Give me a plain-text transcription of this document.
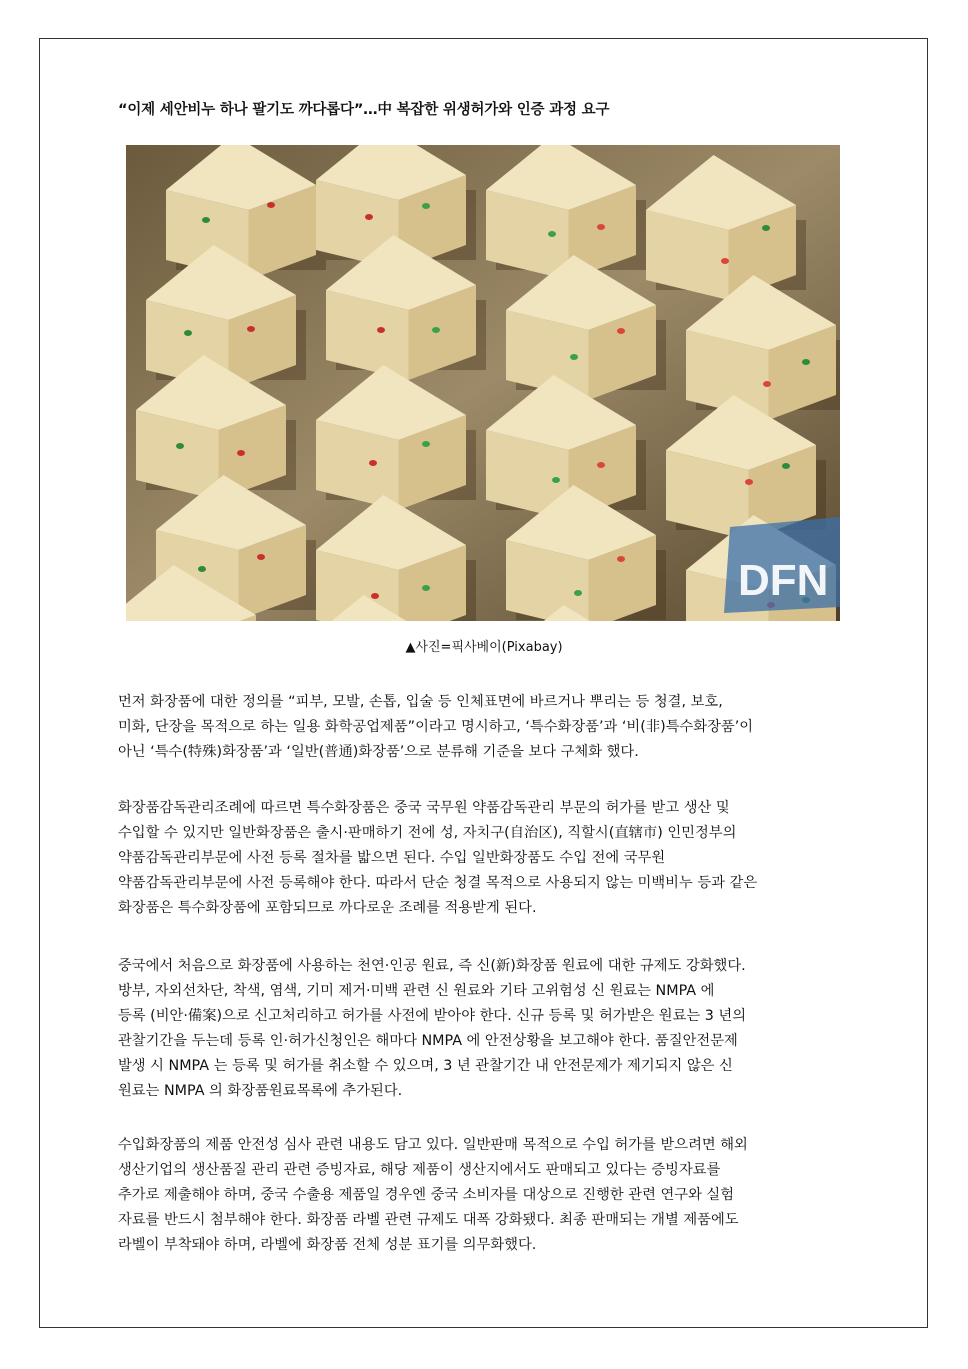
“이제 세안비누 하나 팔기도 까다롭다”…中 복잡한 위생허가와 인증 과정 요구
DFN
▲사진=픽사베이(Pixabay)
먼저 화장품에 대한 정의를 “피부, 모발, 손톱, 입술 등 인체표면에 바르거나 뿌리는 등 청결, 보호,
미화, 단장을 목적으로 하는 일용 화학공업제품”이라고 명시하고, ‘특수화장품’과 ‘비(非)특수화장품’이
아닌 ‘특수(特殊)화장품’과 ‘일반(普通)화장품’으로 분류해 기준을 보다 구체화 했다.
화장품감독관리조례에 따르면 특수화장품은 중국 국무원 약품감독관리 부문의 허가를 받고 생산 및
수입할 수 있지만 일반화장품은 출시·판매하기 전에 성, 자치구(自治区), 직할시(直辖市) 인민정부의
약품감독관리부문에 사전 등록 절차를 밟으면 된다. 수입 일반화장품도 수입 전에 국무원
약품감독관리부문에 사전 등록해야 한다. 따라서 단순 청결 목적으로 사용되지 않는 미백비누 등과 같은
화장품은 특수화장품에 포함되므로 까다로운 조례를 적용받게 된다.
중국에서 처음으로 화장품에 사용하는 천연·인공 원료, 즉 신(新)화장품 원료에 대한 규제도 강화했다.
방부, 자외선차단, 착색, 염색, 기미 제거·미백 관련 신 원료와 기타 고위험성 신 원료는 NMPA 에
등록 (비안·備案)으로 신고처리하고 허가를 사전에 받아야 한다. 신규 등록 및 허가받은 원료는 3 년의
관찰기간을 두는데 등록 인·허가신청인은 해마다 NMPA 에 안전상황을 보고해야 한다. 품질안전문제
발생 시 NMPA 는 등록 및 허가를 취소할 수 있으며, 3 년 관찰기간 내 안전문제가 제기되지 않은 신
원료는 NMPA 의 화장품원료목록에 추가된다.
수입화장품의 제품 안전성 심사 관련 내용도 담고 있다. 일반판매 목적으로 수입 허가를 받으려면 해외
생산기업의 생산품질 관리 관련 증빙자료, 해당 제품이 생산지에서도 판매되고 있다는 증빙자료를
추가로 제출해야 하며, 중국 수출용 제품일 경우엔 중국 소비자를 대상으로 진행한 관련 연구와 실험
자료를 반드시 첨부해야 한다. 화장품 라벨 관련 규제도 대폭 강화됐다. 최종 판매되는 개별 제품에도
라벨이 부착돼야 하며, 라벨에 화장품 전체 성분 표기를 의무화했다.
